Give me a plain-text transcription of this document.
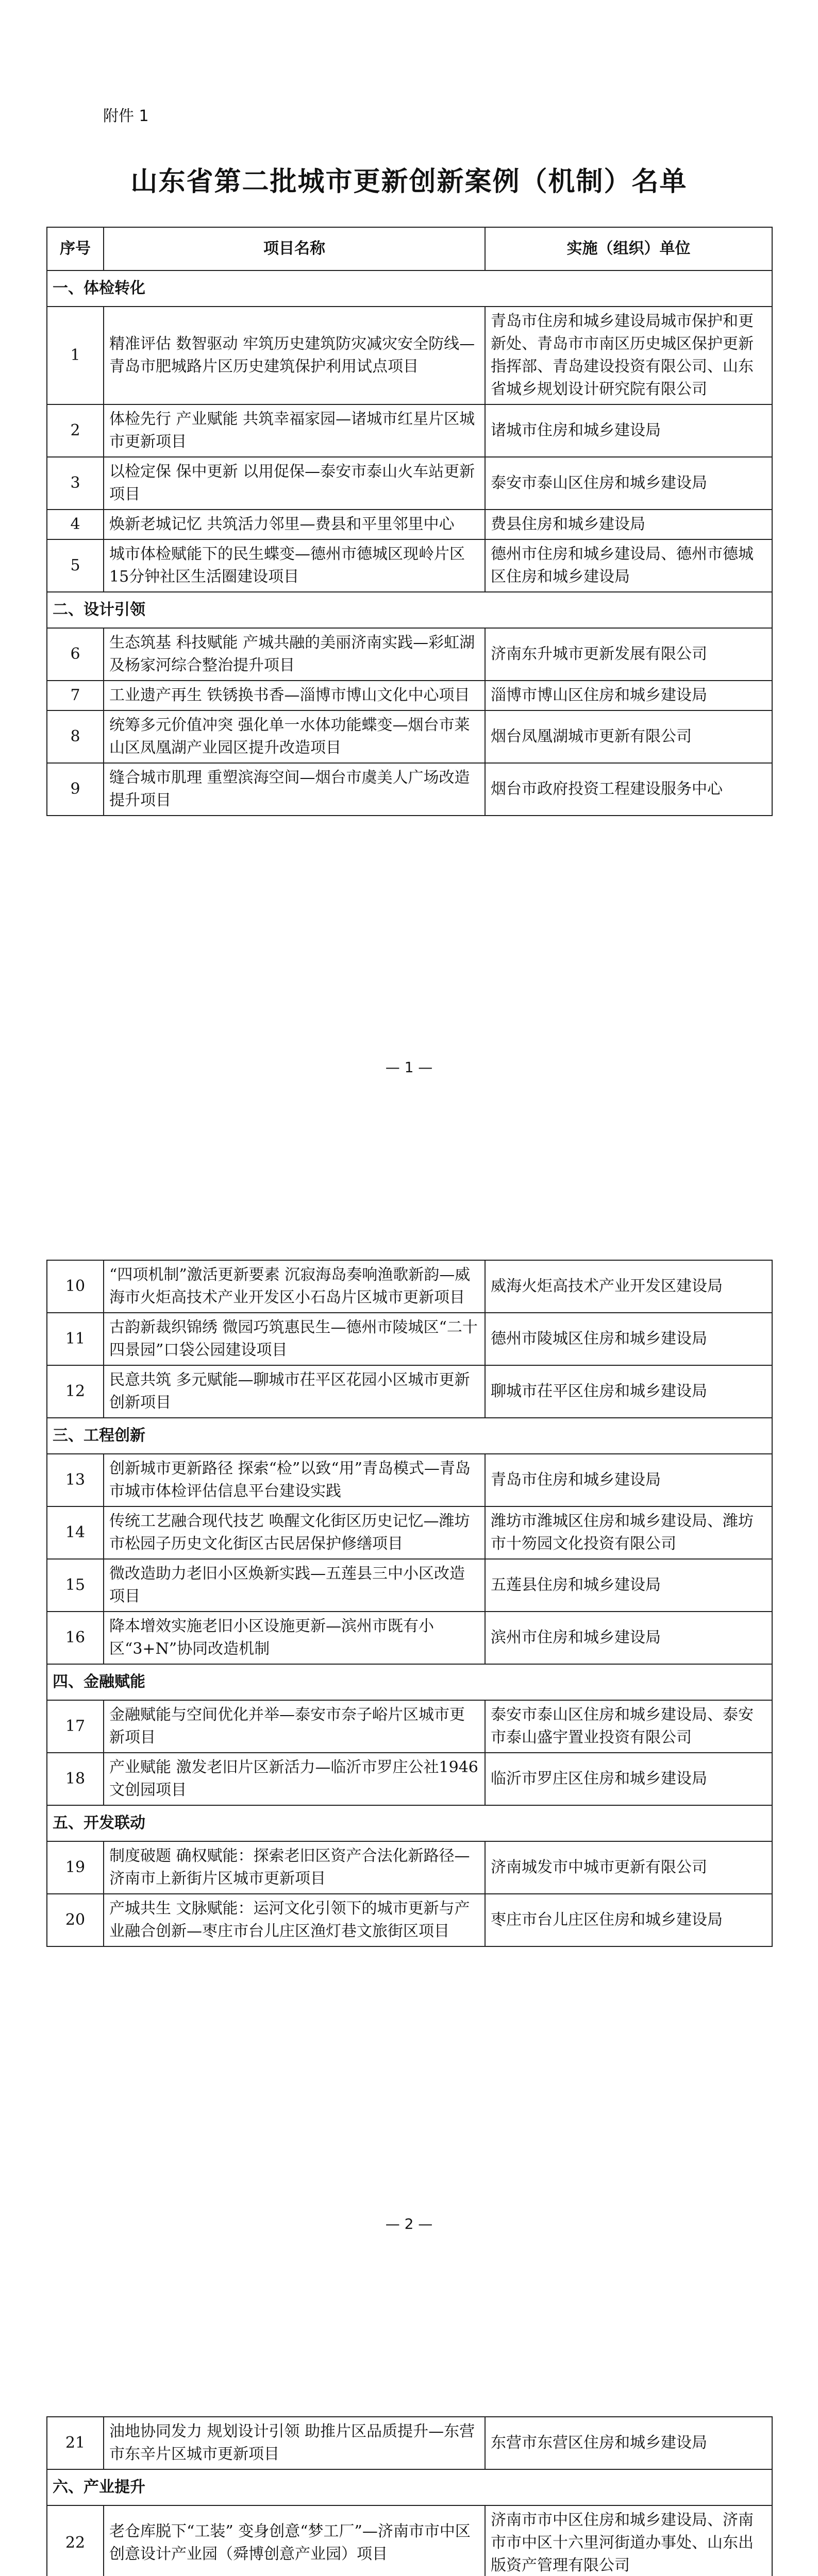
附件 1
山东省第二批城市更新创新案例（机制）名单
序号	项目名称	实施（组织）单位
一、体检转化		
1	精准评估 数智驱动 牢筑历史建筑防灾减灾安全防线—青岛市肥城路片区历史建筑保护利用试点项目	青岛市住房和城乡建设局城市保护和更新处、青岛市市南区历史城区保护更新指挥部、青岛建设投资有限公司、山东省城乡规划设计研究院有限公司
2	体检先行 产业赋能 共筑幸福家园—诸城市红星片区城市更新项目	诸城市住房和城乡建设局
3	以检定保 保中更新 以用促保—泰安市泰山火车站更新项目	泰安市泰山区住房和城乡建设局
4	焕新老城记忆 共筑活力邻里—费县和平里邻里中心	费县住房和城乡建设局
5	城市体检赋能下的民生蝶变—德州市德城区现岭片区15分钟社区生活圈建设项目	德州市住房和城乡建设局、德州市德城区住房和城乡建设局
二、设计引领		
6	生态筑基 科技赋能 产城共融的美丽济南实践—彩虹湖及杨家河综合整治提升项目	济南东升城市更新发展有限公司
7	工业遗产再生 铁锈换书香—淄博市博山文化中心项目	淄博市博山区住房和城乡建设局
8	统筹多元价值冲突 强化单一水体功能蝶变—烟台市莱山区凤凰湖产业园区提升改造项目	烟台凤凰湖城市更新有限公司
9	缝合城市肌理 重塑滨海空间—烟台市虞美人广场改造提升项目	烟台市政府投资工程建设服务中心
— 1 —
10	“四项机制”激活更新要素 沉寂海岛奏响渔歌新韵—威海市火炬高技术产业开发区小石岛片区城市更新项目	威海火炬高技术产业开发区建设局
11	古韵新裁织锦绣 微园巧筑惠民生—德州市陵城区“二十四景园”口袋公园建设项目	德州市陵城区住房和城乡建设局
12	民意共筑 多元赋能—聊城市茌平区花园小区城市更新创新项目	聊城市茌平区住房和城乡建设局
三、工程创新		
13	创新城市更新路径 探索“检”以致“用”青岛模式—青岛市城市体检评估信息平台建设实践	青岛市住房和城乡建设局
14	传统工艺融合现代技艺 唤醒文化街区历史记忆—潍坊市松园子历史文化街区古民居保护修缮项目	潍坊市潍城区住房和城乡建设局、潍坊市十笏园文化投资有限公司
15	微改造助力老旧小区焕新实践—五莲县三中小区改造项目	五莲县住房和城乡建设局
16	降本增效实施老旧小区设施更新—滨州市既有小区“3+N”协同改造机制	滨州市住房和城乡建设局
四、金融赋能		
17	金融赋能与空间优化并举—泰安市奈子峪片区城市更新项目	泰安市泰山区住房和城乡建设局、泰安市泰山盛宇置业投资有限公司
18	产业赋能 激发老旧片区新活力—临沂市罗庄公社1946文创园项目	临沂市罗庄区住房和城乡建设局
五、开发联动		
19	制度破题 确权赋能：探索老旧区资产合法化新路径—济南市上新街片区城市更新项目	济南城发市中城市更新有限公司
20	产城共生 文脉赋能：运河文化引领下的城市更新与产业融合创新—枣庄市台儿庄区渔灯巷文旅街区项目	枣庄市台儿庄区住房和城乡建设局
— 2 —
21	油地协同发力 规划设计引领 助推片区品质提升—东营市东辛片区城市更新项目	东营市东营区住房和城乡建设局
六、产业提升		
22	老仓库脱下“工装” 变身创意“梦工厂”—济南市市中区创意设计产业园（舜博创意产业园）项目	济南市市中区住房和城乡建设局、济南市市中区十六里河街道办事处、山东出版资产管理有限公司
